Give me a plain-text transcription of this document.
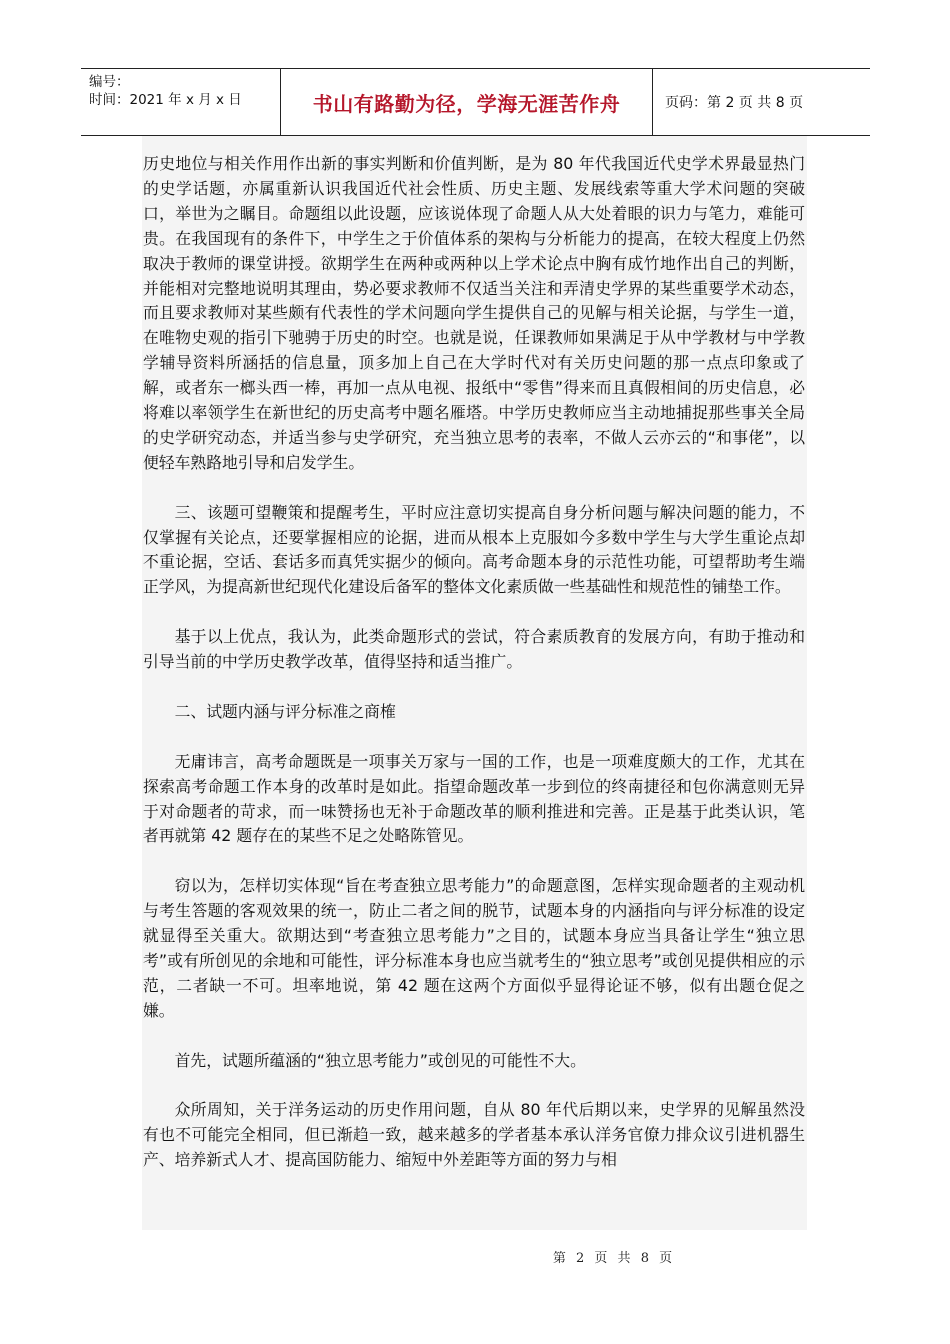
编号：
时间：2021 年 x 月 x 日	书山有路勤为径，学海无涯苦作舟	页码：第 2 页 共 8 页

历史地位与相关作用作出新的事实判断和价值判断，是为 80 年代我国近代史学术界最显热门的史学话题，亦属重新认识我国近代社会性质、历史主题、发展线索等重大学术问题的突破口，举世为之瞩目。命题组以此设题，应该说体现了命题人从大处着眼的识力与笔力，难能可贵。在我国现有的条件下，中学生之于价值体系的架构与分析能力的提高，在较大程度上仍然取决于教师的课堂讲授。欲期学生在两种或两种以上学术论点中胸有成竹地作出自己的判断，并能相对完整地说明其理由，势必要求教师不仅适当关注和弄清史学界的某些重要学术动态，而且要求教师对某些颇有代表性的学术问题向学生提供自己的见解与相关论据，与学生一道，在唯物史观的指引下驰骋于历史的时空。也就是说，任课教师如果满足于从中学教材与中学教学辅导资料所涵括的信息量，顶多加上自己在大学时代对有关历史问题的那一点点印象或了解，或者东一榔头西一棒，再加一点从电视、报纸中“零售”得来而且真假相间的历史信息，必将难以率领学生在新世纪的历史高考中题名雁塔。中学历史教师应当主动地捕捉那些事关全局的史学研究动态，并适当参与史学研究，充当独立思考的表率，不做人云亦云的“和事佬”，以便轻车熟路地引导和启发学生。

三、该题可望鞭策和提醒考生，平时应注意切实提高自身分析问题与解决问题的能力，不仅掌握有关论点，还要掌握相应的论据，进而从根本上克服如今多数中学生与大学生重论点却不重论据，空话、套话多而真凭实据少的倾向。高考命题本身的示范性功能，可望帮助考生端正学风，为提高新世纪现代化建设后备军的整体文化素质做一些基础性和规范性的铺垫工作。

基于以上优点，我认为，此类命题形式的尝试，符合素质教育的发展方向，有助于推动和引导当前的中学历史教学改革，值得坚持和适当推广。

二、试题内涵与评分标准之商榷

无庸讳言，高考命题既是一项事关万家与一国的工作，也是一项难度颇大的工作，尤其在探索高考命题工作本身的改革时是如此。指望命题改革一步到位的终南捷径和包你满意则无异于对命题者的苛求，而一味赞扬也无补于命题改革的顺利推进和完善。正是基于此类认识，笔者再就第 42 题存在的某些不足之处略陈管见。

窃以为，怎样切实体现“旨在考查独立思考能力”的命题意图，怎样实现命题者的主观动机与考生答题的客观效果的统一，防止二者之间的脱节，试题本身的内涵指向与评分标准的设定就显得至关重大。欲期达到“考查独立思考能力”之目的，试题本身应当具备让学生“独立思考”或有所创见的余地和可能性，评分标准本身也应当就考生的“独立思考”或创见提供相应的示范，二者缺一不可。坦率地说，第 42 题在这两个方面似乎显得论证不够，似有出题仓促之嫌。

首先，试题所蕴涵的“独立思考能力”或创见的可能性不大。

众所周知，关于洋务运动的历史作用问题，自从 80 年代后期以来，史学界的见解虽然没有也不可能完全相同，但已渐趋一致，越来越多的学者基本承认洋务官僚力排众议引进机器生产、培养新式人才、提高国防能力、缩短中外差距等方面的努力与相

第 2 页 共 8 页
